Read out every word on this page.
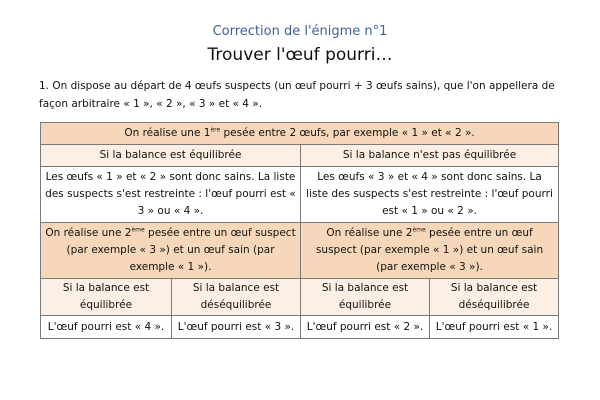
Correction de l'énigme n°1
Trouver l'œuf pourri…
1. On dispose au départ de 4 œufs suspects (un œuf pourri + 3 œufs sains), que l'on appellera de façon arbitraire « 1 », « 2 », « 3 » et « 4 ».
On réalise une 1ère pesée entre 2 œufs, par exemple « 1 » et « 2 ».			
Si la balance est équilibrée		Si la balance n'est pas équilibrée	
Les œufs « 1 » et « 2 » sont donc sains. La liste des suspects s'est restreinte : l'œuf pourri est « 3 » ou « 4 ».		Les œufs « 3 » et « 4 » sont donc sains. La liste des suspects s'est restreinte : l'œuf pourri est « 1 » ou « 2 ».	
On réalise une 2ème pesée entre un œuf suspect (par exemple « 3 ») et un œuf sain (par exemple « 1 »).		On réalise une 2ème pesée entre un œuf suspect (par exemple « 1 ») et un œuf sain (par exemple « 3 »).	
Si la balance est équilibrée	Si la balance est déséquilibrée	Si la balance est équilibrée	Si la balance est déséquilibrée
L'œuf pourri est « 4 ».	L'œuf pourri est « 3 ».	L'œuf pourri est « 2 ».	L'œuf pourri est « 1 ».
